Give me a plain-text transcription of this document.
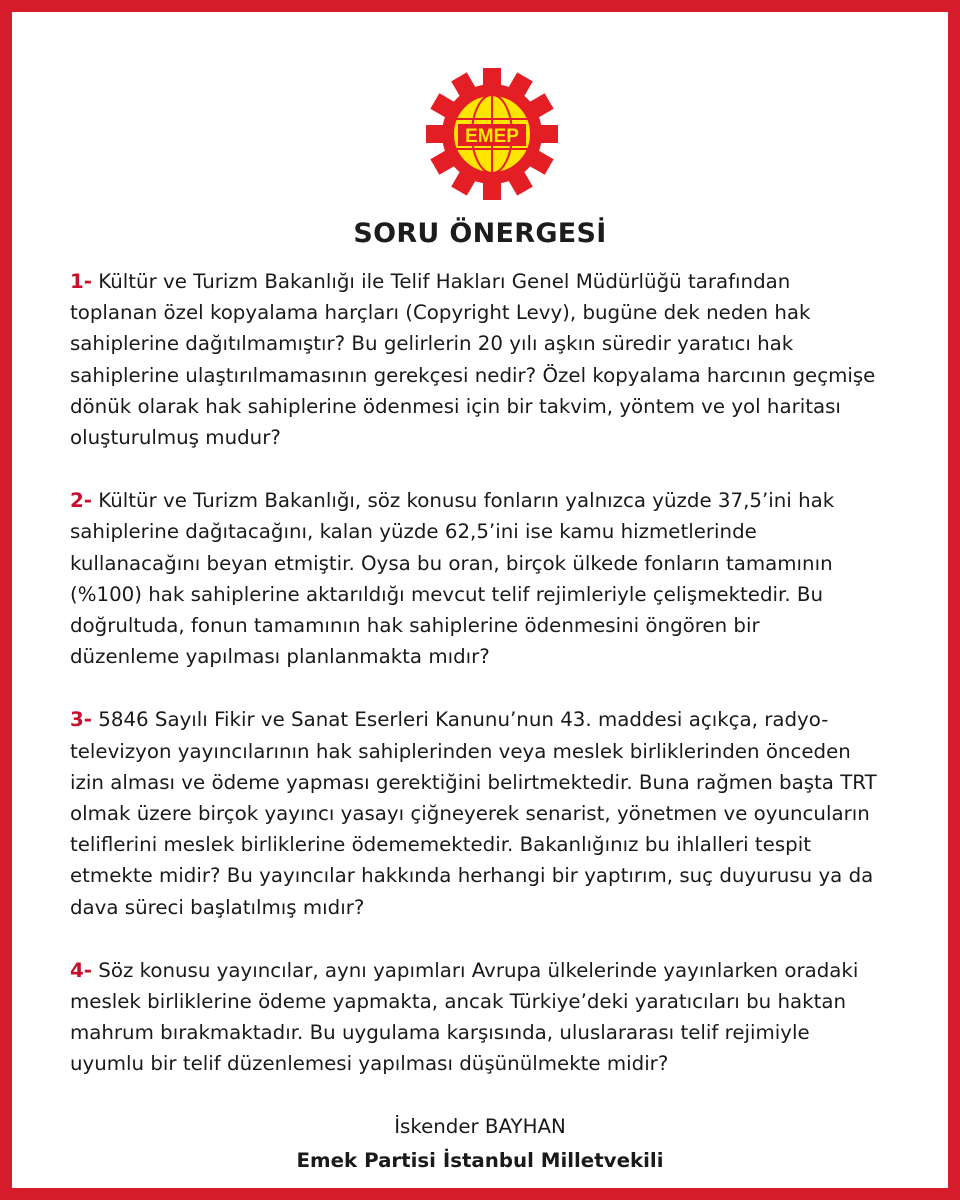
EMEP
SORU ÖNERGESİ

1- Kültür ve Turizm Bakanlığı ile Telif Hakları Genel Müdürlüğü tarafından
toplanan özel kopyalama harçları (Copyright Levy), bugüne dek neden hak
sahiplerine dağıtılmamıştır? Bu gelirlerin 20 yılı aşkın süredir yaratıcı hak
sahiplerine ulaştırılmamasının gerekçesi nedir? Özel kopyalama harcının geçmişe
dönük olarak hak sahiplerine ödenmesi için bir takvim, yöntem ve yol haritası
oluşturulmuş mudur?

2- Kültür ve Turizm Bakanlığı, söz konusu fonların yalnızca yüzde 37,5’ini hak
sahiplerine dağıtacağını, kalan yüzde 62,5’ini ise kamu hizmetlerinde
kullanacağını beyan etmiştir. Oysa bu oran, birçok ülkede fonların tamamının
(%100) hak sahiplerine aktarıldığı mevcut telif rejimleriyle çelişmektedir. Bu
doğrultuda, fonun tamamının hak sahiplerine ödenmesini öngören bir
düzenleme yapılması planlanmakta mıdır?

3- 5846 Sayılı Fikir ve Sanat Eserleri Kanunu’nun 43. maddesi açıkça, radyo-
televizyon yayıncılarının hak sahiplerinden veya meslek birliklerinden önceden
izin alması ve ödeme yapması gerektiğini belirtmektedir. Buna rağmen başta TRT
olmak üzere birçok yayıncı yasayı çiğneyerek senarist, yönetmen ve oyuncuların
teliflerini meslek birliklerine ödememektedir. Bakanlığınız bu ihlalleri tespit
etmekte midir? Bu yayıncılar hakkında herhangi bir yaptırım, suç duyurusu ya da
dava süreci başlatılmış mıdır?

4- Söz konusu yayıncılar, aynı yapımları Avrupa ülkelerinde yayınlarken oradaki
meslek birliklerine ödeme yapmakta, ancak Türkiye’deki yaratıcıları bu haktan
mahrum bırakmaktadır. Bu uygulama karşısında, uluslararası telif rejimiyle
uyumlu bir telif düzenlemesi yapılması düşünülmekte midir?

İskender BAYHAN
Emek Partisi İstanbul Milletvekili
